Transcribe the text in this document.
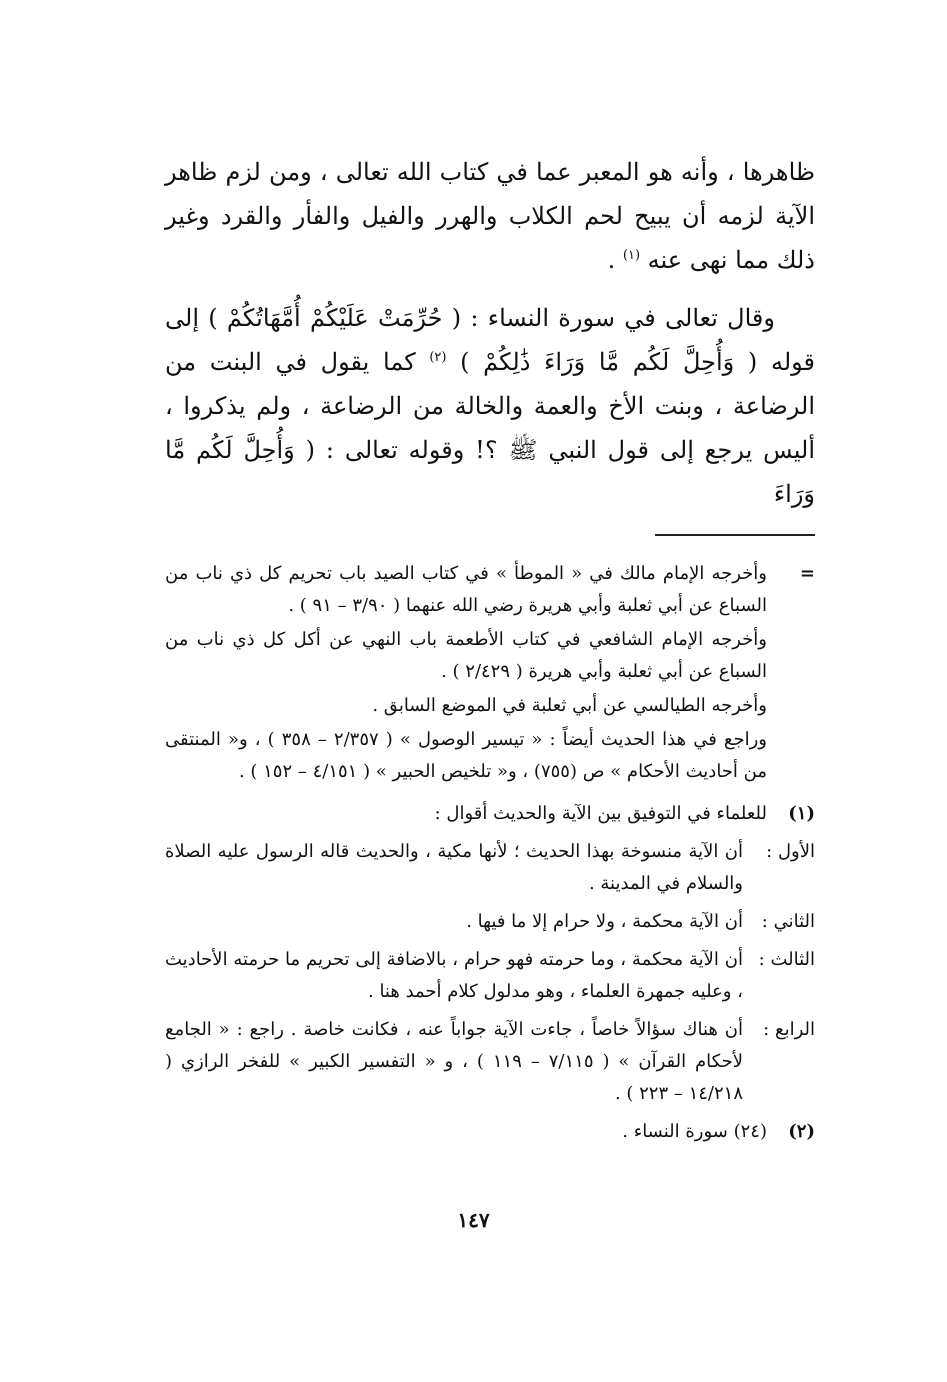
ظاهرها ، وأنه هو المعبر عما في كتاب الله تعالى ، ومن لزم ظاهر الآية لزمه أن يبيح لحم الكلاب والهرر والفيل والفأر والقرد وغير ذلك مما نهى عنه $^{(١)}$ .

وقال تعالى في سورة النساء : ( حُرِّمَتْ عَلَيْكُمْ أُمَّهَاتُكُمْ ) إلى قوله ( وَأُحِلَّ لَكُم مَّا وَرَاءَ ذَٰلِكُمْ ) $^{(٢)}$ كما يقول في البنت من الرضاعة ، وبنت الأخ والعمة والخالة من الرضاعة ، ولم يذكروا ، أليس يرجع إلى قول النبي ﷺ ؟! وقوله تعالى : ( وَأُحِلَّ لَكُم مَّا وَرَاءَ

=

وأخرجه الإمام مالك في « الموطأ » في كتاب الصيد باب تحريم كل ذي ناب من السباع عن أبي ثعلبة وأبي هريرة رضي الله عنهما ( ٣/٩٠ – ٩١ ) .

وأخرجه الإمام الشافعي في كتاب الأطعمة باب النهي عن أكل كل ذي ناب من السباع عن أبي ثعلبة وأبي هريرة ( ٢/٤٢٩ ) .

وأخرجه الطيالسي عن أبي ثعلبة في الموضع السابق .

وراجع في هذا الحديث أيضاً : « تيسير الوصول » ( ٢/٣٥٧ – ٣٥٨ ) ، و« المنتقى من أحاديث الأحكام » ص (٧٥٥) ، و« تلخيص الحبير » ( ٤/١٥١ – ١٥٢ ) .

(١)

للعلماء في التوفيق بين الآية والحديث أقوال :

الأول :
أن الآية منسوخة بهذا الحديث ؛ لأنها مكية ، والحديث قاله الرسول عليه الصلاة والسلام في المدينة .
الثاني :
أن الآية محكمة ، ولا حرام إلا ما فيها .
الثالث :
أن الآية محكمة ، وما حرمته فهو حرام ، بالاضافة إلى تحريم ما حرمته الأحاديث ، وعليه جمهرة العلماء ، وهو مدلول كلام أحمد هنا .
الرابع :
أن هناك سؤالاً خاصاً ، جاءت الآية جواباً عنه ، فكانت خاصة . راجع : « الجامع لأحكام القرآن » ( ٧/١١٥ – ١١٩ ) ، و « التفسير الكبير » للفخر الرازي ( ١٤/٢١٨ – ٢٢٣ ) .
(٢)

(٢٤) سورة النساء .

١٤٧
